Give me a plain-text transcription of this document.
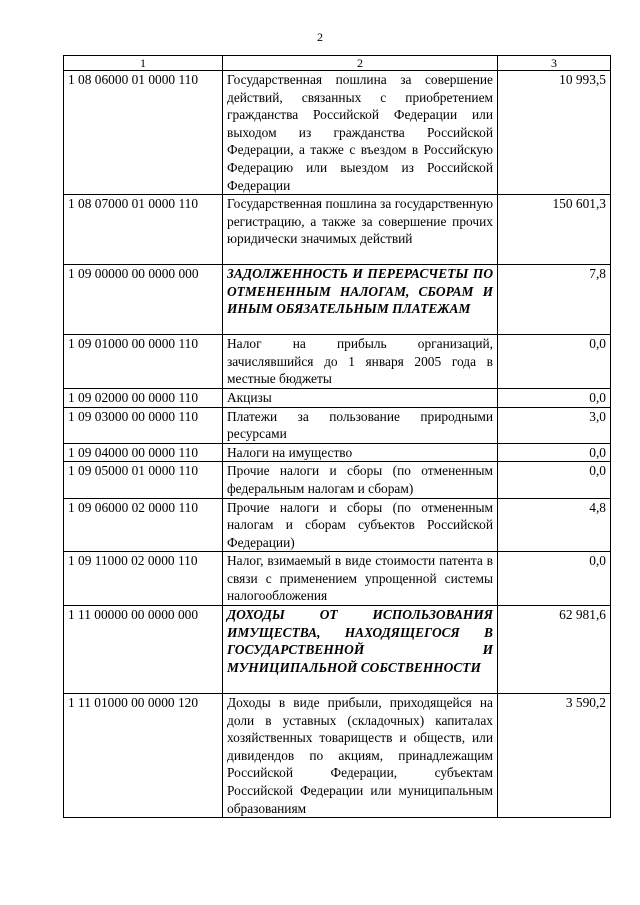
2
1	2	3
1 08 06000 01 0000 110	Государственная пошлина за совершение действий, связанных с приобретением гражданства Российской Федерации или выходом из гражданства Российской Федерации, а также с въездом в Российскую Федерацию или выездом из Российской Федерации	10 993,5
1 08 07000 01 0000 110	Государственная пошлина за государственную регистрацию, а также за совершение прочих юридически значимых действий	150 601,3
1 09 00000 00 0000 000	ЗАДОЛЖЕННОСТЬ И ПЕРЕРАСЧЕТЫ ПО ОТМЕНЕННЫМ НАЛОГАМ, СБОРАМ И ИНЫМ ОБЯЗАТЕЛЬНЫМ ПЛАТЕЖАМ	7,8
1 09 01000 00 0000 110	Налог на прибыль организаций, зачислявшийся до 1 января 2005 года в местные бюджеты	0,0
1 09 02000 00 0000 110	Акцизы	0,0
1 09 03000 00 0000 110	Платежи за пользование природными ресурсами	3,0
1 09 04000 00 0000 110	Налоги на имущество	0,0
1 09 05000 01 0000 110	Прочие налоги и сборы (по отмененным федеральным налогам и сборам)	0,0
1 09 06000 02 0000 110	Прочие налоги и сборы (по отмененным налогам и сборам субъектов Российской Федерации)	4,8
1 09 11000 02 0000 110	Налог, взимаемый в виде стоимости патента в связи с применением упрощенной системы налогообложения	0,0
1 11 00000 00 0000 000	ДОХОДЫ ОТ ИСПОЛЬЗОВАНИЯ ИМУЩЕСТВА, НАХОДЯЩЕГОСЯ В ГОСУДАРСТВЕННОЙ И МУНИЦИПАЛЬНОЙ СОБСТВЕННОСТИ	62 981,6
1 11 01000 00 0000 120	Доходы в виде прибыли, приходящейся на доли в уставных (складочных) капиталах хозяйственных товариществ и обществ, или дивидендов по акциям, принадлежащим Российской Федерации, субъектам Российской Федерации или муниципальным образованиям	3 590,2
